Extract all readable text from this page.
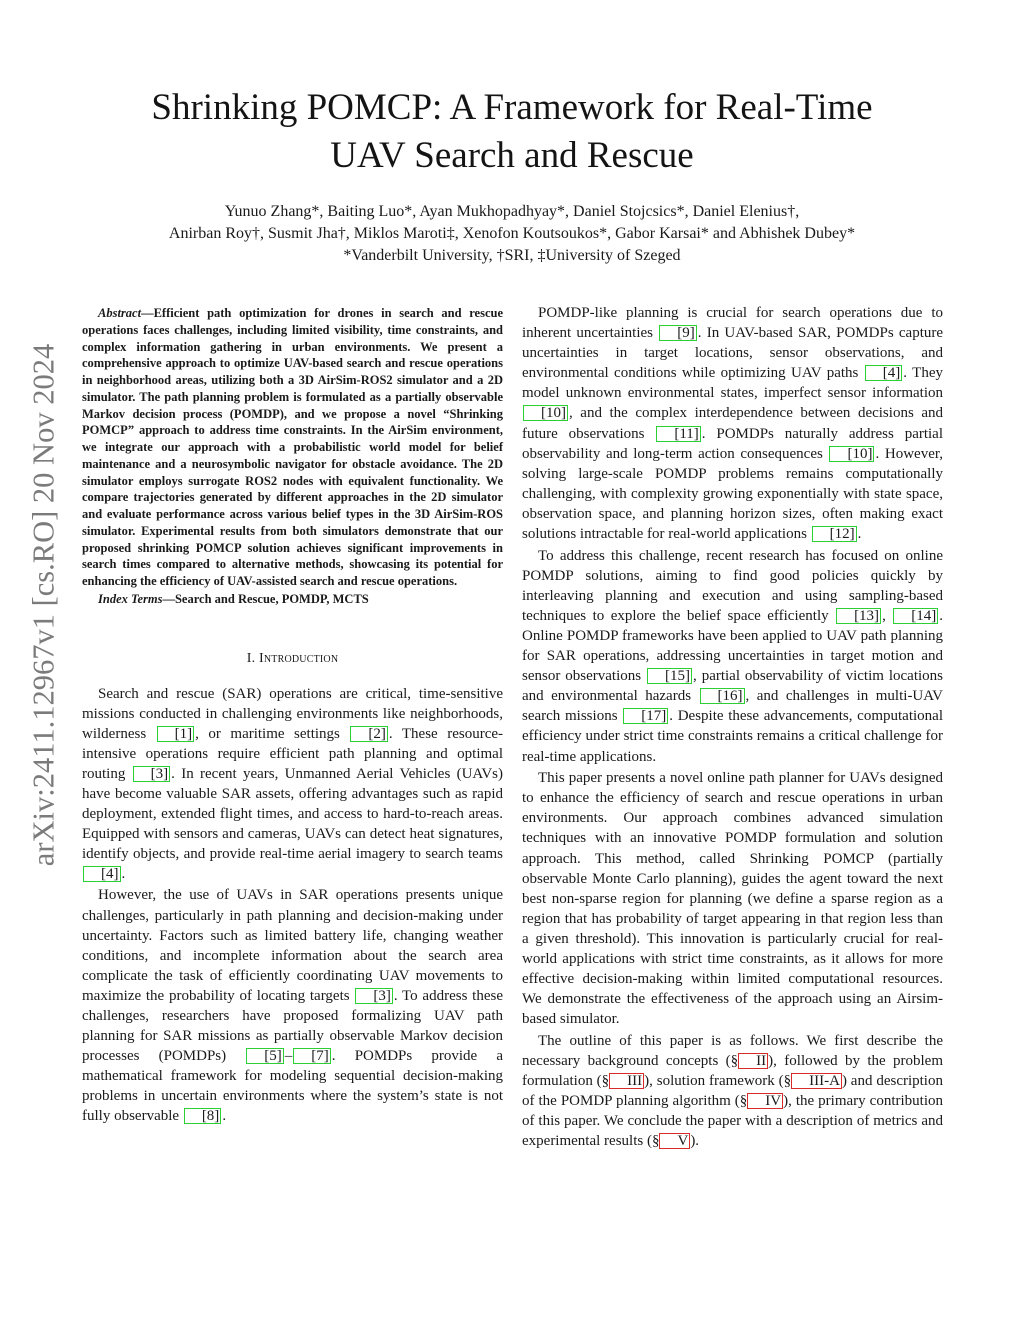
arXiv:2411.12967v1 [cs.RO] 20 Nov 2024
Shrinking POMCP: A Framework for Real-Time
UAV Search and Rescue
Yunuo Zhang*, Baiting Luo*, Ayan Mukhopadhyay*, Daniel Stojcsics*, Daniel Elenius†,
Anirban Roy†, Susmit Jha†, Miklos Maroti‡, Xenofon Koutsoukos*, Gabor Karsai* and Abhishek Dubey*
*Vanderbilt University, †SRI, ‡University of Szeged

Abstract—Efficient path optimization for drones in search and rescue operations faces challenges, including limited visibility, time constraints, and complex information gathering in urban environments. We present a comprehensive approach to optimize UAV-based search and rescue operations in neighborhood areas, utilizing both a 3D AirSim-ROS2 simulator and a 2D simulator. The path planning problem is formulated as a partially observable Markov decision process (POMDP), and we propose a novel “Shrinking POMCP” approach to address time constraints. In the AirSim environment, we integrate our approach with a probabilistic world model for belief maintenance and a neurosymbolic navigator for obstacle avoidance. The 2D simulator employs surrogate ROS2 nodes with equivalent functionality. We compare trajectories generated by different approaches in the 2D simulator and evaluate performance across various belief types in the 3D AirSim-ROS simulator. Experimental results from both simulators demonstrate that our proposed shrinking POMCP solution achieves significant improvements in search times compared to alternative methods, showcasing its potential for enhancing the efficiency of UAV-assisted search and rescue operations.

Index Terms—Search and Rescue, POMDP, MCTS

I. Introduction

Search and rescue (SAR) operations are critical, time-sensitive missions conducted in challenging environments like neighborhoods, wilderness [1] , or maritime settings [2] . These resource-intensive operations require efficient path planning and optimal routing [3] . In recent years, Unmanned Aerial Vehicles (UAVs) have become valuable SAR assets, offering advantages such as rapid deployment, extended flight times, and access to hard-to-reach areas. Equipped with sensors and cameras, UAVs can detect heat signatures, identify objects, and provide real-time aerial imagery to search teams [4] .

However, the use of UAVs in SAR operations presents unique challenges, particularly in path planning and decision-making under uncertainty. Factors such as limited battery life, changing weather conditions, and incomplete information about the search area complicate the task of efficiently coordinating UAV movements to maximize the probability of locating targets [3] . To address these challenges, researchers have proposed formalizing UAV path planning for SAR missions as partially observable Markov decision processes (POMDPs) [5] – [7] . POMDPs provide a mathematical framework for modeling sequential decision-making problems in uncertain environments where the system’s state is not fully observable [8] .

POMDP-like planning is crucial for search operations due to inherent uncertainties [9] . In UAV-based SAR, POMDPs capture uncertainties in target locations, sensor observations, and environmental conditions while optimizing UAV paths [4] . They model unknown environmental states, imperfect sensor information [10] , and the complex interdependence between decisions and future observations [11] . POMDPs naturally address partial observability and long-term action consequences [10] . However, solving large-scale POMDP problems remains computationally challenging, with complexity growing exponentially with state space, observation space, and planning horizon sizes, often making exact solutions intractable for real-world applications [12] .

To address this challenge, recent research has focused on online POMDP solutions, aiming to find good policies quickly by interleaving planning and execution and using sampling-based techniques to explore the belief space efficiently [13] , [14] . Online POMDP frameworks have been applied to UAV path planning for SAR operations, addressing uncertainties in target motion and sensor observations [15] , partial observability of victim locations and environmental hazards [16] , and challenges in multi-UAV search missions [17] . Despite these advancements, computational efficiency under strict time constraints remains a critical challenge for real-time applications.

This paper presents a novel online path planner for UAVs designed to enhance the efficiency of search and rescue operations in urban environments. Our approach combines advanced simulation techniques with an innovative POMDP formulation and solution approach. This method, called Shrinking POMCP (partially observable Monte Carlo planning), guides the agent toward the next best non-sparse region for planning (we define a sparse region as a region that has probability of target appearing in that region less than a given threshold). This innovation is particularly crucial for real-world applications with strict time constraints, as it allows for more effective decision-making within limited computational resources. We demonstrate the effectiveness of the approach using an Airsim-based simulator.

The outline of this paper is as follows. We first describe the necessary background concepts (§ II ), followed by the problem formulation (§ III ), solution framework (§ III-A ) and description of the POMDP planning algorithm (§ IV ), the primary contribution of this paper. We conclude the paper with a description of metrics and experimental results (§ V ).
